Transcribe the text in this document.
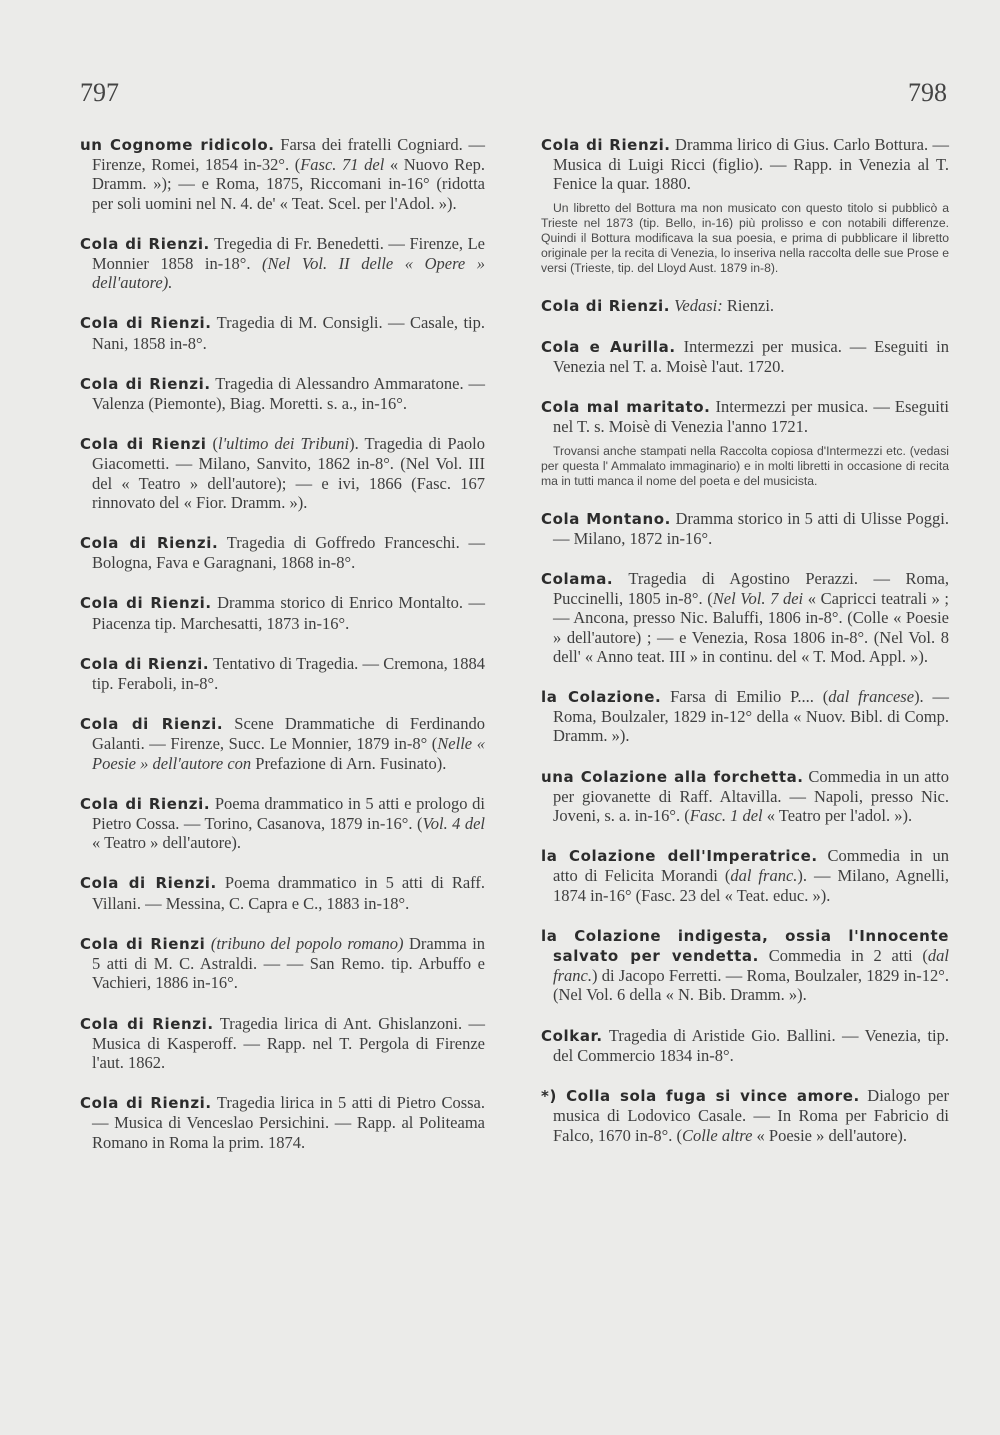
797	798
un Cognome ridicolo. Farsa dei fratelli Cogniard. — Firenze, Romei, 1854 in-32°. (Fasc. 71 del « Nuovo Rep. Dramm. »); — e Roma, 1875, Riccomani in-16° (ridotta per soli uomini nel N. 4. de' « Teat. Scel. per l'Adol. »).
Cola di Rienzi. Tregedia di Fr. Benedetti. — Firenze, Le Monnier 1858 in-18°. (Nel Vol. II delle « Opere » dell'autore).
Cola di Rienzi. Tragedia di M. Consigli. — Casale, tip. Nani, 1858 in-8°.
Cola di Rienzi. Tragedia di Alessandro Ammaratone. — Valenza (Piemonte), Biag. Moretti. s. a., in-16°.
Cola di Rienzi (l'ultimo dei Tribuni). Tragedia di Paolo Giacometti. — Milano, Sanvito, 1862 in-8°. (Nel Vol. III del « Teatro » dell'autore); — e ivi, 1866 (Fasc. 167 rinnovato del « Fior. Dramm. »).
Cola di Rienzi. Tragedia di Goffredo Franceschi. — Bologna, Fava e Garagnani, 1868 in-8°.
Cola di Rienzi. Dramma storico di Enrico Montalto. — Piacenza tip. Marchesatti, 1873 in-16°.
Cola di Rienzi. Tentativo di Tragedia. — Cremona, 1884 tip. Feraboli, in-8°.
Cola di Rienzi. Scene Drammatiche di Ferdinando Galanti. — Firenze, Succ. Le Monnier, 1879 in-8° (Nelle « Poesie » dell'autore con Prefazione di Arn. Fusinato).
Cola di Rienzi. Poema drammatico in 5 atti e prologo di Pietro Cossa. — Torino, Casanova, 1879 in-16°. (Vol. 4 del « Teatro » dell'autore).
Cola di Rienzi. Poema drammatico in 5 atti di Raff. Villani. — Messina, C. Capra e C., 1883 in-18°.
Cola di Rienzi (tribuno del popolo romano) Dramma in 5 atti di M. C. Astraldi. — — San Remo. tip. Arbuffo e Vachieri, 1886 in-16°.
Cola di Rienzi. Tragedia lirica di Ant. Ghislanzoni. — Musica di Kasperoff. — Rapp. nel T. Pergola di Firenze l'aut. 1862.
Cola di Rienzi. Tragedia lirica in 5 atti di Pietro Cossa. — Musica di Venceslao Persichini. — Rapp. al Politeama Romano in Roma la prim. 1874.
Cola di Rienzi. Dramma lirico di Gius. Carlo Bottura. — Musica di Luigi Ricci (figlio). — Rapp. in Venezia al T. Fenice la quar. 1880.
Un libretto del Bottura ma non musicato con questo titolo si pubblicò a Trieste nel 1873 (tip. Bello, in-16) più prolisso e con notabili differenze. Quindi il Bottura modificava la sua poesia, e prima di pubblicare il libretto originale per la recita di Venezia, lo inseriva nella raccolta delle sue Prose e versi (Trieste, tip. del Lloyd Aust. 1879 in-8).
Cola di Rienzi. Vedasi: Rienzi.
Cola e Aurilla. Intermezzi per musica. — Eseguiti in Venezia nel T. a. Moisè l'aut. 1720.
Cola mal maritato. Intermezzi per musica. — Eseguiti nel T. s. Moisè di Venezia l'anno 1721.
Trovansi anche stampati nella Raccolta copiosa d'Intermezzi etc. (vedasi per questa l' Ammalato immaginario) e in molti libretti in occasione di recita ma in tutti manca il nome del poeta e del musicista.
Cola Montano. Dramma storico in 5 atti di Ulisse Poggi. — Milano, 1872 in-16°.
Colama. Tragedia di Agostino Perazzi. — Roma, Puccinelli, 1805 in-8°. (Nel Vol. 7 dei « Capricci teatrali » ; — Ancona, presso Nic. Baluffi, 1806 in-8°. (Colle « Poesie » dell'autore) ; — e Venezia, Rosa 1806 in-8°. (Nel Vol. 8 dell' « Anno teat. III » in continu. del « T. Mod. Appl. »).
la Colazione. Farsa di Emilio P.... (dal francese). — Roma, Boulzaler, 1829 in-12° della « Nuov. Bibl. di Comp. Dramm. »).
una Colazione alla forchetta. Commedia in un atto per giovanette di Raff. Altavilla. — Napoli, presso Nic. Joveni, s. a. in-16°. (Fasc. 1 del « Teatro per l'adol. »).
la Colazione dell'Imperatrice. Commedia in un atto di Felicita Morandi (dal franc.). — Milano, Agnelli, 1874 in-16° (Fasc. 23 del « Teat. educ. »).
la Colazione indigesta, ossia l'Innocente salvato per vendetta. Commedia in 2 atti (dal franc.) di Jacopo Ferretti. — Roma, Boulzaler, 1829 in-12°. (Nel Vol. 6 della « N. Bib. Dramm. »).
Colkar. Tragedia di Aristide Gio. Ballini. — Venezia, tip. del Commercio 1834 in-8°.
*) Colla sola fuga si vince amore. Dialogo per musica di Lodovico Casale. — In Roma per Fabricio di Falco, 1670 in-8°. (Colle altre « Poesie » dell'autore).
